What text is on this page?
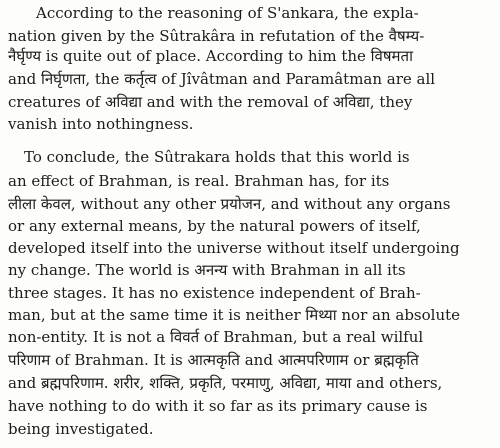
According to the reasoning of S'ankara, the expla-
nation given by the Sûtrakâra in refutation of the वैषम्य-
नैर्घृण्य is quite out of place. According to him the विषमता
and निर्घृणता, the कर्तृत्व of Jîvâtman and Paramâtman are all
creatures of अविद्या and with the removal of अविद्या, they
vanish into nothingness.
To conclude, the Sûtrakara holds that this world is
an effect of Brahman, is real. Brahman has, for its
लीला केवल, without any other प्रयोजन, and without any organs
or any external means, by the natural powers of itself,
developed itself into the universe without itself undergoing
ny change. The world is अनन्य with Brahman in all its
three stages. It has no existence independent of Brah-
man, but at the same time it is neither मिथ्या nor an absolute
non-entity. It is not a विवर्त of Brahman, but a real wilful
परिणाम of Brahman. It is आत्मकृति and आत्मपरिणाम or ब्रह्मकृति
and ब्रह्मपरिणाम. शरीर, शक्ति, प्रकृति, परमाणु, अविद्या, माया and others,
have nothing to do with it so far as its primary cause is
being investigated.
